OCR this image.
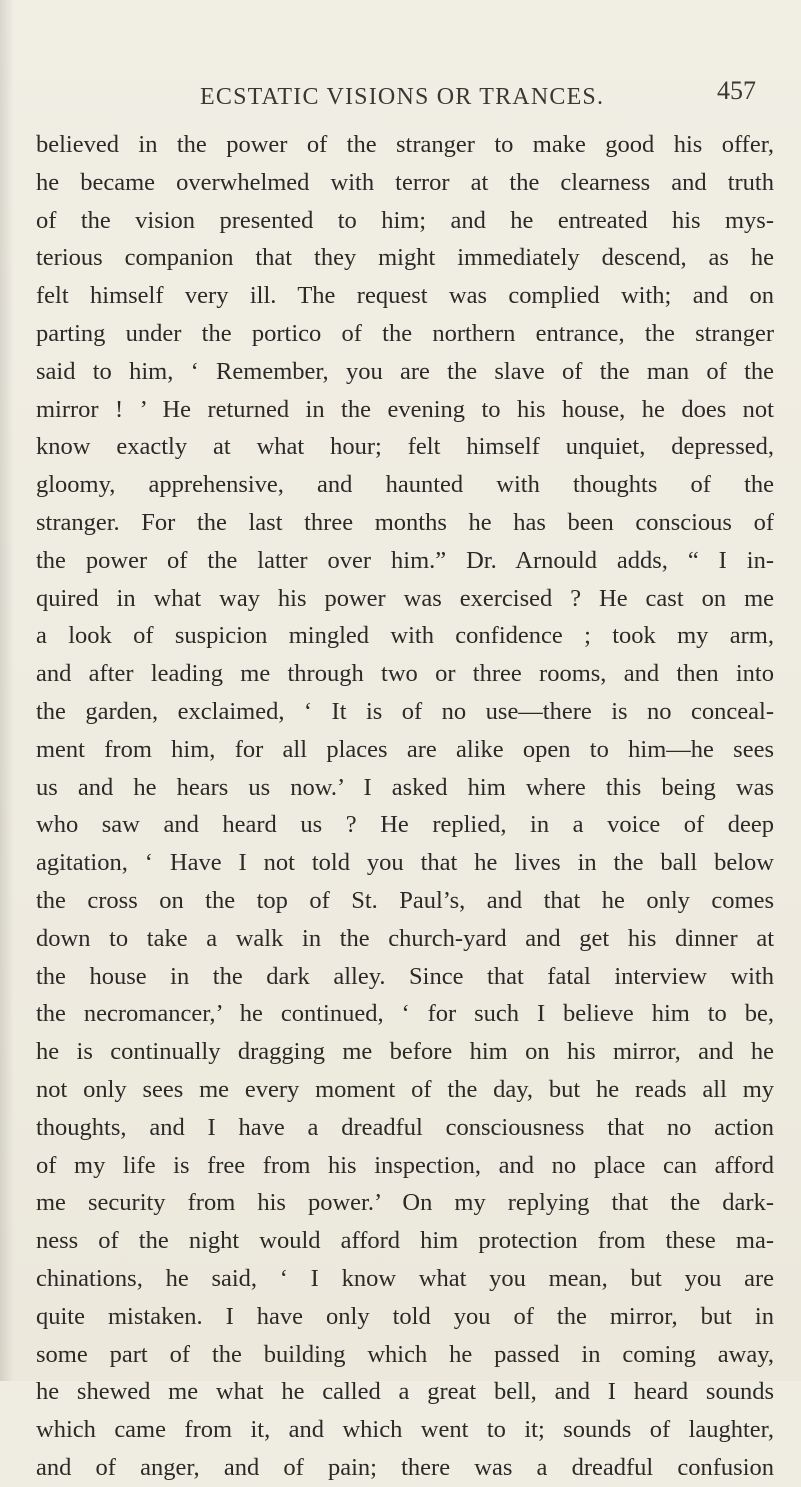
ECSTATIC VISIONS OR TRANCES.	457
believed in the power of the stranger to make good his offer,
he became overwhelmed with terror at the clearness and truth
of the vision presented to him; and he entreated his mys-
terious companion that they might immediately descend, as he
felt himself very ill. The request was complied with; and on
parting under the portico of the northern entrance, the stranger
said to him, ‘ Remember, you are the slave of the man of the
mirror ! ’ He returned in the evening to his house, he does not
know exactly at what hour; felt himself unquiet, depressed,
gloomy, apprehensive, and haunted with thoughts of the
stranger. For the last three months he has been conscious of
the power of the latter over him.” Dr. Arnould adds, “ I in-
quired in what way his power was exercised ? He cast on me
a look of suspicion mingled with confidence ; took my arm,
and after leading me through two or three rooms, and then into
the garden, exclaimed, ‘ It is of no use—there is no conceal-
ment from him, for all places are alike open to him—he sees
us and he hears us now.’ I asked him where this being was
who saw and heard us ? He replied, in a voice of deep
agitation, ‘ Have I not told you that he lives in the ball below
the cross on the top of St. Paul’s, and that he only comes
down to take a walk in the church-yard and get his dinner at
the house in the dark alley. Since that fatal interview with
the necromancer,’ he continued, ‘ for such I believe him to be,
he is continually dragging me before him on his mirror, and he
not only sees me every moment of the day, but he reads all my
thoughts, and I have a dreadful consciousness that no action
of my life is free from his inspection, and no place can afford
me security from his power.’ On my replying that the dark-
ness of the night would afford him protection from these ma-
chinations, he said, ‘ I know what you mean, but you are
quite mistaken. I have only told you of the mirror, but in
some part of the building which he passed in coming away,
he shewed me what he called a great bell, and I heard sounds
which came from it, and which went to it; sounds of laughter,
and of anger, and of pain; there was a dreadful confusion
